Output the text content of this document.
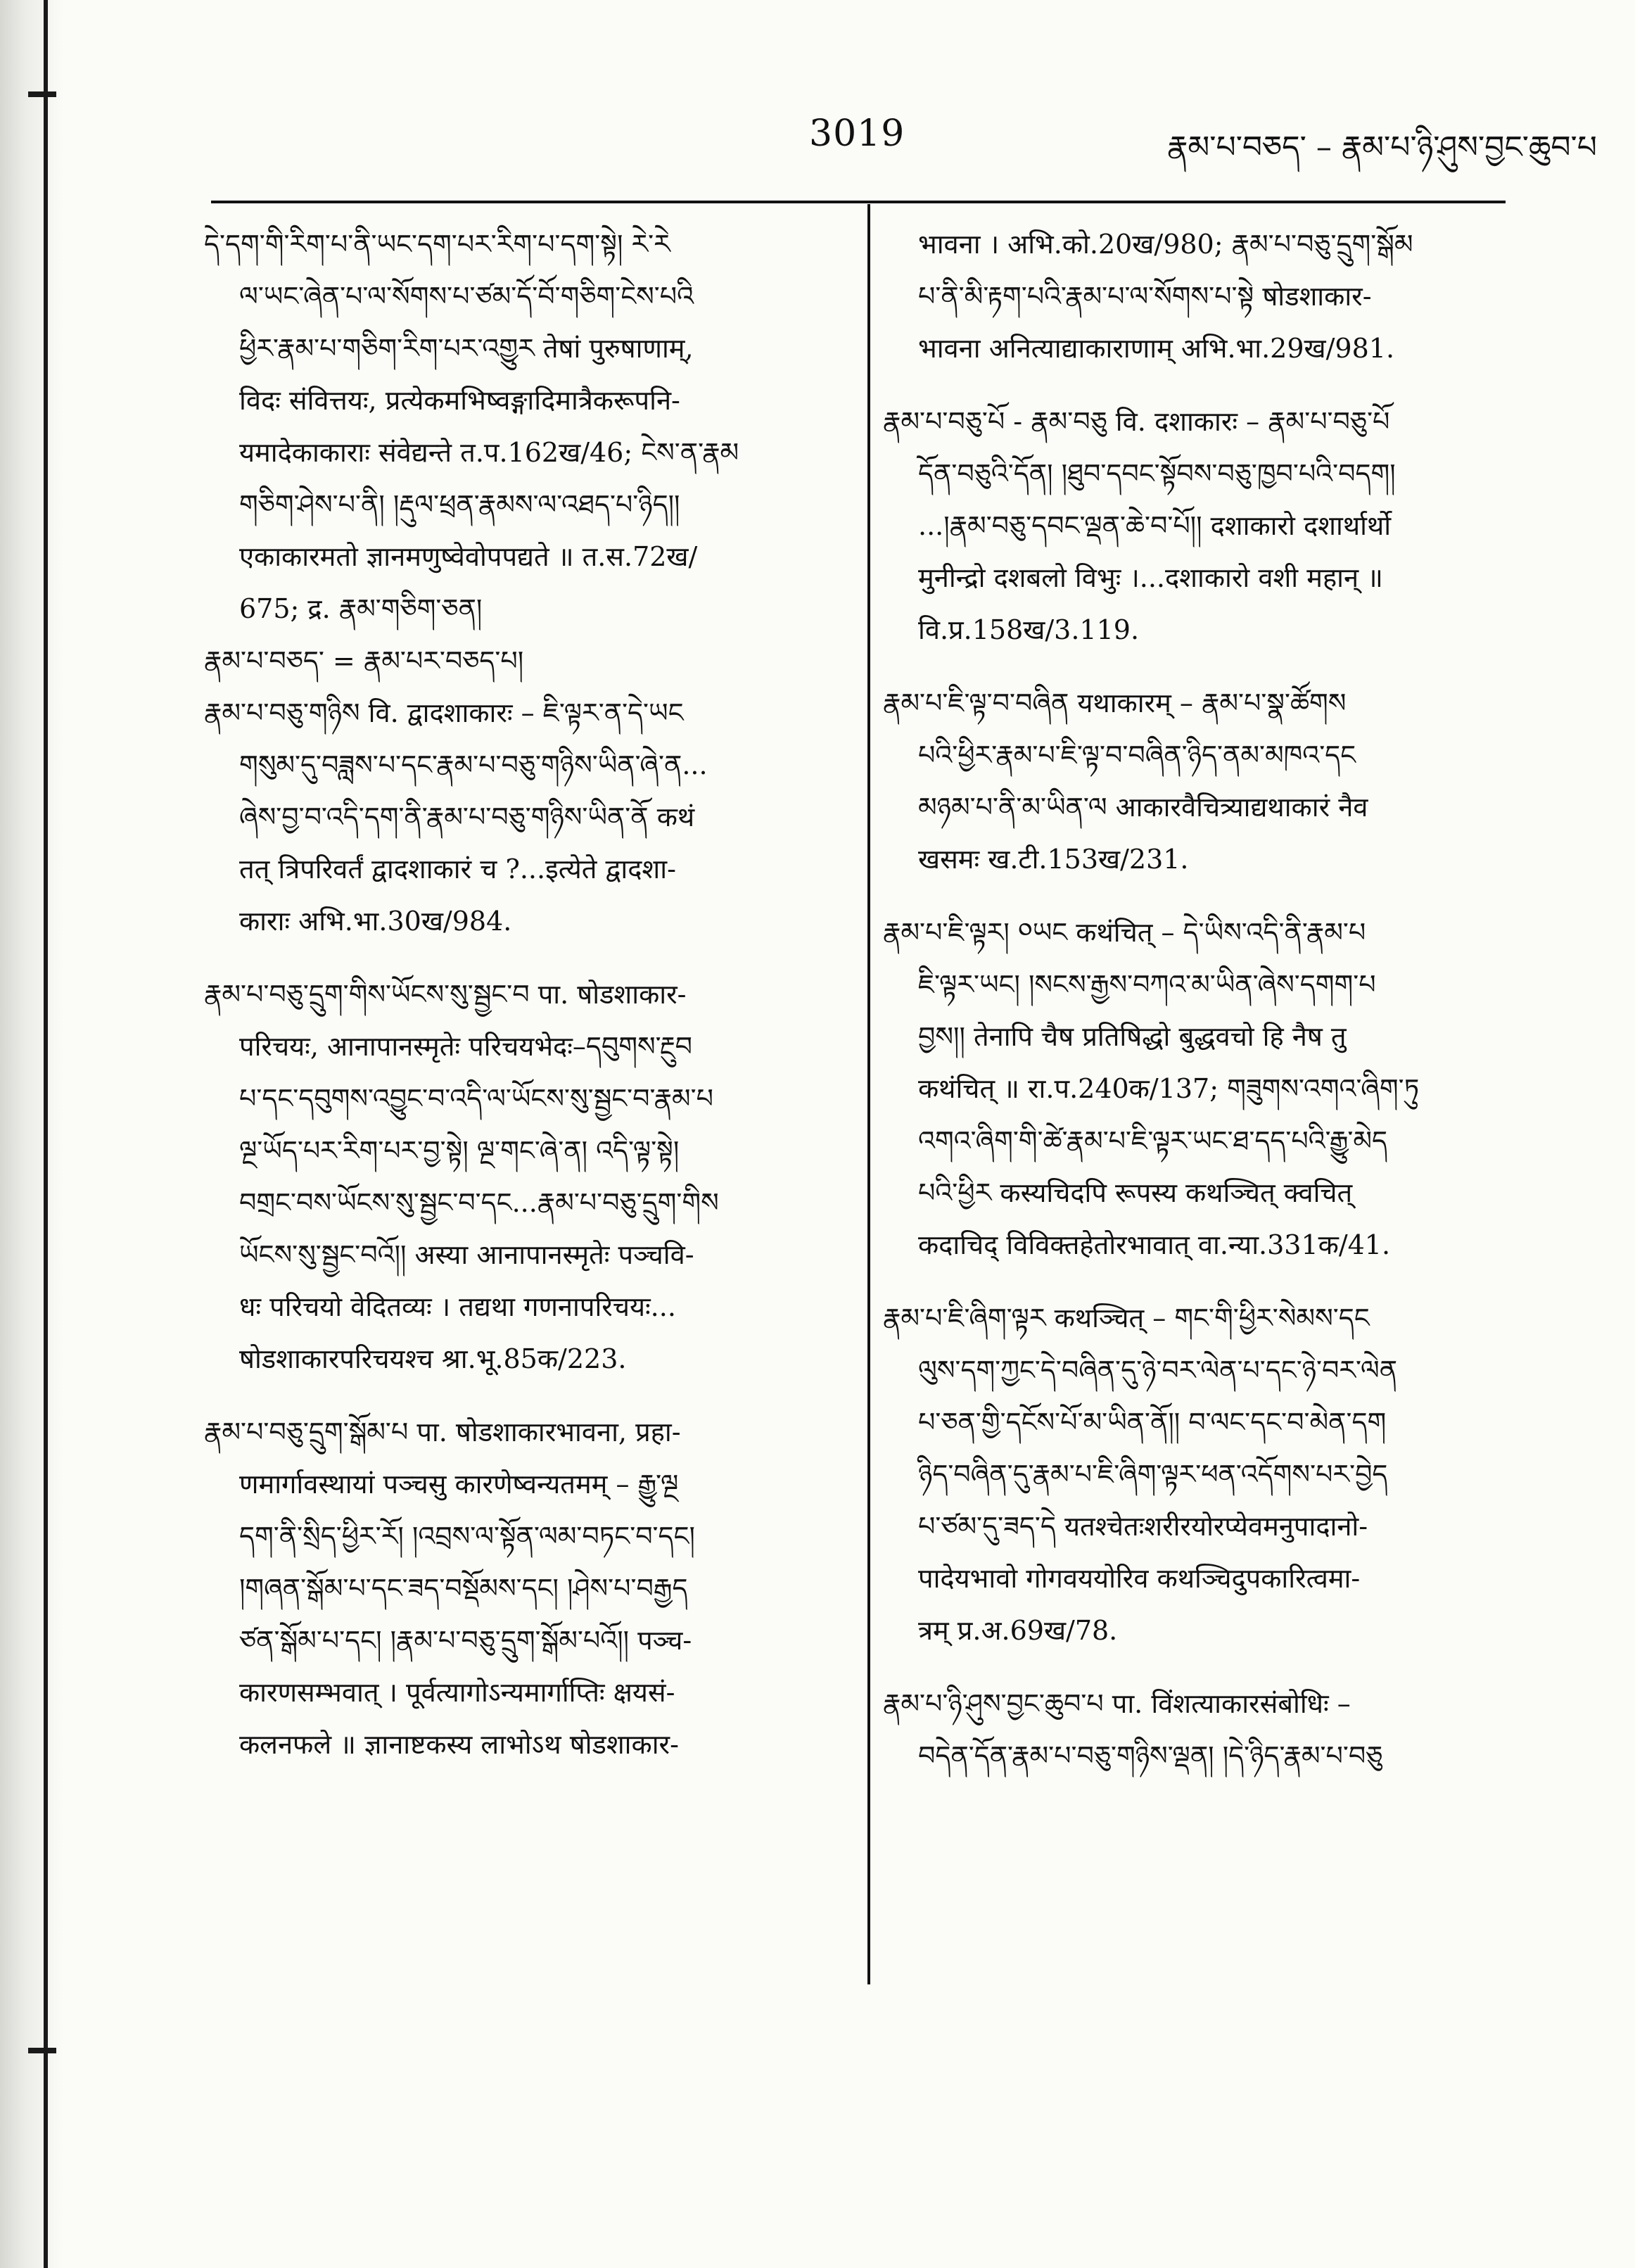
3019	རྣམ་པ་བཅད་ – རྣམ་པ་ཉི་ཤུས་བྱང་ཆུབ་པ
དེ་དག་གི་རིག་པ་ནི་ཡང་དག་པར་རིག་པ་དག་སྟེ། རེ་རེ
ལ་ཡང་ཞེན་པ་ལ་སོགས་པ་ཙམ་དོ་བོ་གཅིག་ངེས་པའི
ཕྱིར་རྣམ་པ་གཅིག་རིག་པར་འགྱུར तेषां पुरुषाणाम्,
विदः संवित्तयः, प्रत्येकमभिष्वङ्गादिमात्रैकरूपनि-
यमादेकाकाराः संवेद्यन्ते त.प.162ख/46; ངེས་ན་རྣམ
གཅིག་ཤེས་པ་ནི། །རྡུལ་ཕྲན་རྣམས་ལ་འཐད་པ་ཉིད།།
एकाकारमतो ज्ञानमणुष्वेवोपपद्यते ॥ त.स.72ख/
675; द्र. རྣམ་གཅིག་ཅན།
རྣམ་པ་བཅད་ = རྣམ་པར་བཅད་པ།
རྣམ་པ་བཅུ་གཉིས वि. द्वादशाकारः – ཇི་ལྟར་ན་དེ་ཡང
གསུམ་དུ་བཟླས་པ་དང་རྣམ་པ་བཅུ་གཉིས་ཡིན་ཞེ་ན...
ཞེས་བྱ་བ་འདི་དག་ནི་རྣམ་པ་བཅུ་གཉིས་ཡིན་ནོ कथं
तत् त्रिपरिवर्तं द्वादशाकारं च ?...इत्येते द्वादशा-
काराः अभि.भा.30ख/984.
རྣམ་པ་བཅུ་དྲུག་གིས་ཡོངས་སུ་སྦྱང་བ पा. षोडशाकार-
परिचयः, आनापानस्मृतेः परिचयभेदः–དབུགས་རྔུབ
པ་དང་དབུགས་འབྱུང་བ་འདི་ལ་ཡོངས་སུ་སྦྱང་བ་རྣམ་པ
ལྔ་ཡོད་པར་རིག་པར་བྱ་སྟེ། ལྔ་གང་ཞེ་ན། འདི་ལྟ་སྟེ།
བགྲང་བས་ཡོངས་སུ་སྦྱང་བ་དང...རྣམ་པ་བཅུ་དྲུག་གིས
ཡོངས་སུ་སྦྱང་བའོ།། अस्या आनापानस्मृतेः पञ्चवि-
धः परिचयो वेदितव्यः । तद्यथा गणनापरिचयः...
षोडशाकारपरिचयश्च श्रा.भू.85क/223.
རྣམ་པ་བཅུ་དྲུག་སྒོམ་པ पा. षोडशाकारभावना, प्रहा-
णमार्गावस्थायां पञ्चसु कारणेष्वन्यतमम् – རྒྱུ་ལྔ
དག་ནི་སྲིད་ཕྱིར་རོ། །འབྲས་ལ་སྟོན་ལམ་བཏང་བ་དང།
།གཞན་སྒོམ་པ་དང་ཟད་བསྡོམས་དང། །ཤེས་པ་བརྒྱད
ཙན་སྒོམ་པ་དང། །རྣམ་པ་བཅུ་དྲུག་སྒོམ་པའོ།། पञ्च-
कारणसम्भवात् । पूर्वत्यागोऽन्यमार्गाप्तिः क्षयसं-
कलनफले ॥ ज्ञानाष्टकस्य लाभोऽथ षोडशाकार-
भावना । अभि.को.20ख/980; རྣམ་པ་བཅུ་དྲུག་སྒོམ
པ་ནི་མི་རྟག་པའི་རྣམ་པ་ལ་སོགས་པ་སྟེ षोडशाकार-
भावना अनित्याद्याकाराणाम् अभि.भा.29ख/981.
རྣམ་པ་བཅུ་པོ - རྣམ་བཅུ वि. दशाकारः – རྣམ་པ་བཅུ་པོ
དོན་བཅུའི་དོན། །ཐུབ་དབང་སྟོབས་བཅུ་ཁྱབ་པའི་བདག།
...།རྣམ་བཅུ་དབང་ལྡན་ཆེ་བ་པོ།། दशाकारो दशार्थार्थो
मुनीन्द्रो दशबलो विभुः ।...दशाकारो वशी महान् ॥
वि.प्र.158ख/3.119.
རྣམ་པ་ཇི་ལྟ་བ་བཞིན यथाकारम् – རྣམ་པ་སྣ་ཚོགས
པའི་ཕྱིར་རྣམ་པ་ཇི་ལྟ་བ་བཞིན་ཉིད་ནམ་མཁའ་དང
མཉམ་པ་ནི་མ་ཡིན་ལ आकारवैचित्र्याद्यथाकारं नैव
खसमः ख.टी.153ख/231.
རྣམ་པ་ཇི་ལྟར། ༠ཡང कथंचित् – དེ་ཡིས་འདི་ནི་རྣམ་པ
ཇི་ལྟར་ཡང། །སངས་རྒྱས་བཀའ་མ་ཡིན་ཞེས་དགག་པ
བྱས།། तेनापि चैष प्रतिषिद्धो बुद्धवचो हि नैष तु
कथंचित् ॥ रा.प.240क/137; གཟུགས་འགའ་ཞིག་ཏུ
འགའ་ཞིག་གི་ཚེ་རྣམ་པ་ཇི་ལྟར་ཡང་ཐ་དད་པའི་རྒྱུ་མེད
པའི་ཕྱིར कस्यचिदपि रूपस्य कथञ्चित् क्वचित्
कदाचिद् विविक्तहेतोरभावात् वा.न्या.331क/41.
རྣམ་པ་ཇི་ཞིག་ལྟར कथञ्चित् – གང་གི་ཕྱིར་སེམས་དང
ལུས་དག་ཀྱང་དེ་བཞིན་དུ་ཉེ་བར་ལེན་པ་དང་ཉེ་བར་ལེན
པ་ཅན་གྱི་དངོས་པོ་མ་ཡིན་ནོ།། བ་ལང་དང་བ་མེན་དག
ཉིད་བཞིན་དུ་རྣམ་པ་ཇི་ཞིག་ལྟར་ཕན་འདོགས་པར་བྱེད
པ་ཙམ་དུ་ཟད་དེ यतश्चेतःशरीरयोरप्येवमनुपादानो-
पादेयभावो गोगवययोरिव कथञ्चिदुपकारित्वमा-
त्रम् प्र.अ.69ख/78.
རྣམ་པ་ཉི་ཤུས་བྱང་ཆུབ་པ पा. विंशत्याकारसंबोधिः –
བདེན་དོན་རྣམ་པ་བཅུ་གཉིས་ལྡན། །དེ་ཉིད་རྣམ་པ་བཅུ
